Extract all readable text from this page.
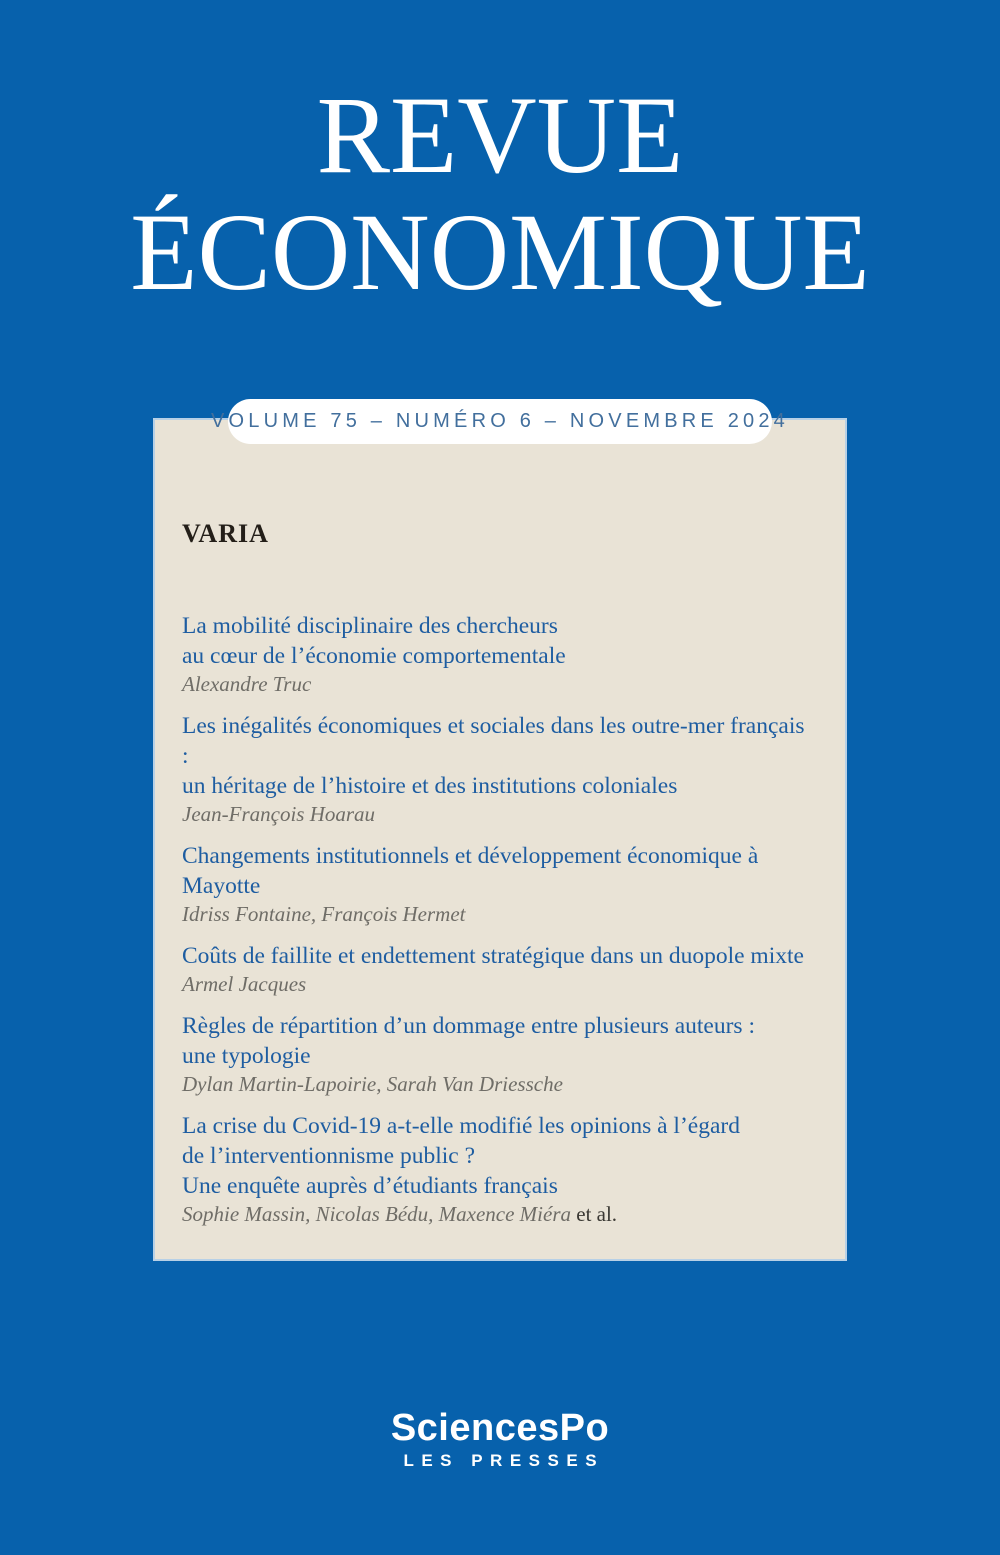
REVUE
ÉCONOMIQUE
VOLUME 75 – NUMÉRO 6 – NOVEMBRE 2024
VARIA

La mobilité disciplinaire des chercheurs
au cœur de l’économie comportementale

Alexandre Truc

Les inégalités économiques et sociales dans les outre-mer français :
un héritage de l’histoire et des institutions coloniales

Jean-François Hoarau

Changements institutionnels et développement économique à Mayotte

Idriss Fontaine, François Hermet

Coûts de faillite et endettement stratégique dans un duopole mixte

Armel Jacques

Règles de répartition d’un dommage entre plusieurs auteurs :
une typologie

Dylan Martin-Lapoirie, Sarah Van Driessche

La crise du Covid-19 a-t-elle modifié les opinions à l’égard
de l’interventionnisme public ?
Une enquête auprès d’étudiants français

Sophie Massin, Nicolas Bédu, Maxence Miéra et al.

SciencesPo
LES PRESSES
